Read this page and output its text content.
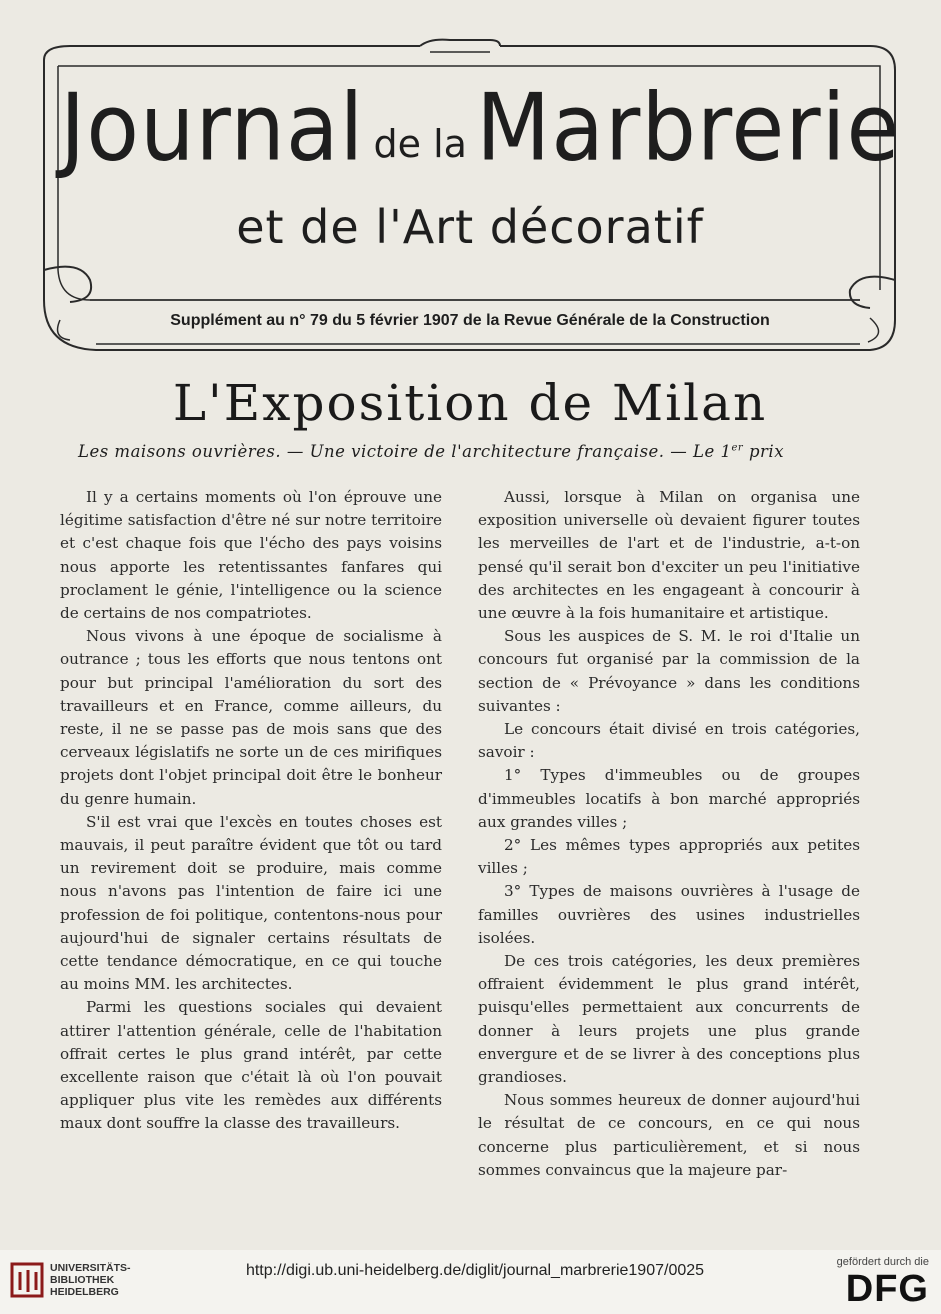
Journal de la Marbrerie
et de l'Art décoratif
Supplément au n° 79 du 5 février 1907 de la Revue Générale de la Construction
L'Exposition de Milan
Les maisons ouvrières. — Une victoire de l'architecture française. — Le 1er prix

Il y a certains moments où l'on éprouve une légitime satisfaction d'être né sur notre territoire et c'est chaque fois que l'écho des pays voisins nous apporte les retentissantes fanfares qui proclament le génie, l'intelligence ou la science de certains de nos compatriotes.

Nous vivons à une époque de socialisme à outrance ; tous les efforts que nous tentons ont pour but principal l'amélioration du sort des travailleurs et en France, comme ailleurs, du reste, il ne se passe pas de mois sans que des cerveaux législatifs ne sorte un de ces mirifiques projets dont l'objet principal doit être le bonheur du genre humain.

S'il est vrai que l'excès en toutes choses est mauvais, il peut paraître évident que tôt ou tard un revirement doit se produire, mais comme nous n'avons pas l'intention de faire ici une profession de foi politique, contentons-nous pour aujourd'hui de signaler certains résultats de cette tendance démocratique, en ce qui touche au moins MM. les architectes.

Parmi les questions sociales qui devaient attirer l'attention générale, celle de l'habitation offrait certes le plus grand intérêt, par cette excellente raison que c'était là où l'on pouvait appliquer plus vite les remèdes aux différents maux dont souffre la classe des travailleurs.

Aussi, lorsque à Milan on organisa une exposition universelle où devaient figurer toutes les merveilles de l'art et de l'industrie, a-t-on pensé qu'il serait bon d'exciter un peu l'initiative des architectes en les engageant à concourir à une œuvre à la fois humanitaire et artistique.

Sous les auspices de S. M. le roi d'Italie un concours fut organisé par la commission de la section de « Prévoyance » dans les conditions suivantes :

Le concours était divisé en trois catégories, savoir :

1° Types d'immeubles ou de groupes d'immeubles locatifs à bon marché appropriés aux grandes villes ;

2° Les mêmes types appropriés aux petites villes ;

3° Types de maisons ouvrières à l'usage de familles ouvrières des usines industrielles isolées.

De ces trois catégories, les deux premières offraient évidemment le plus grand intérêt, puisqu'elles permettaient aux concurrents de donner à leurs projets une plus grande envergure et de se livrer à des conceptions plus grandioses.

Nous sommes heureux de donner aujourd'hui le résultat de ce concours, en ce qui nous concerne plus particulièrement, et si nous sommes convaincus que la majeure par-

UNIVERSITÄTS-
BIBLIOTHEK
HEIDELBERG
http://digi.ub.uni-heidelberg.de/diglit/journal_marbrerie1907/0025	gefördert durch die
DFG
